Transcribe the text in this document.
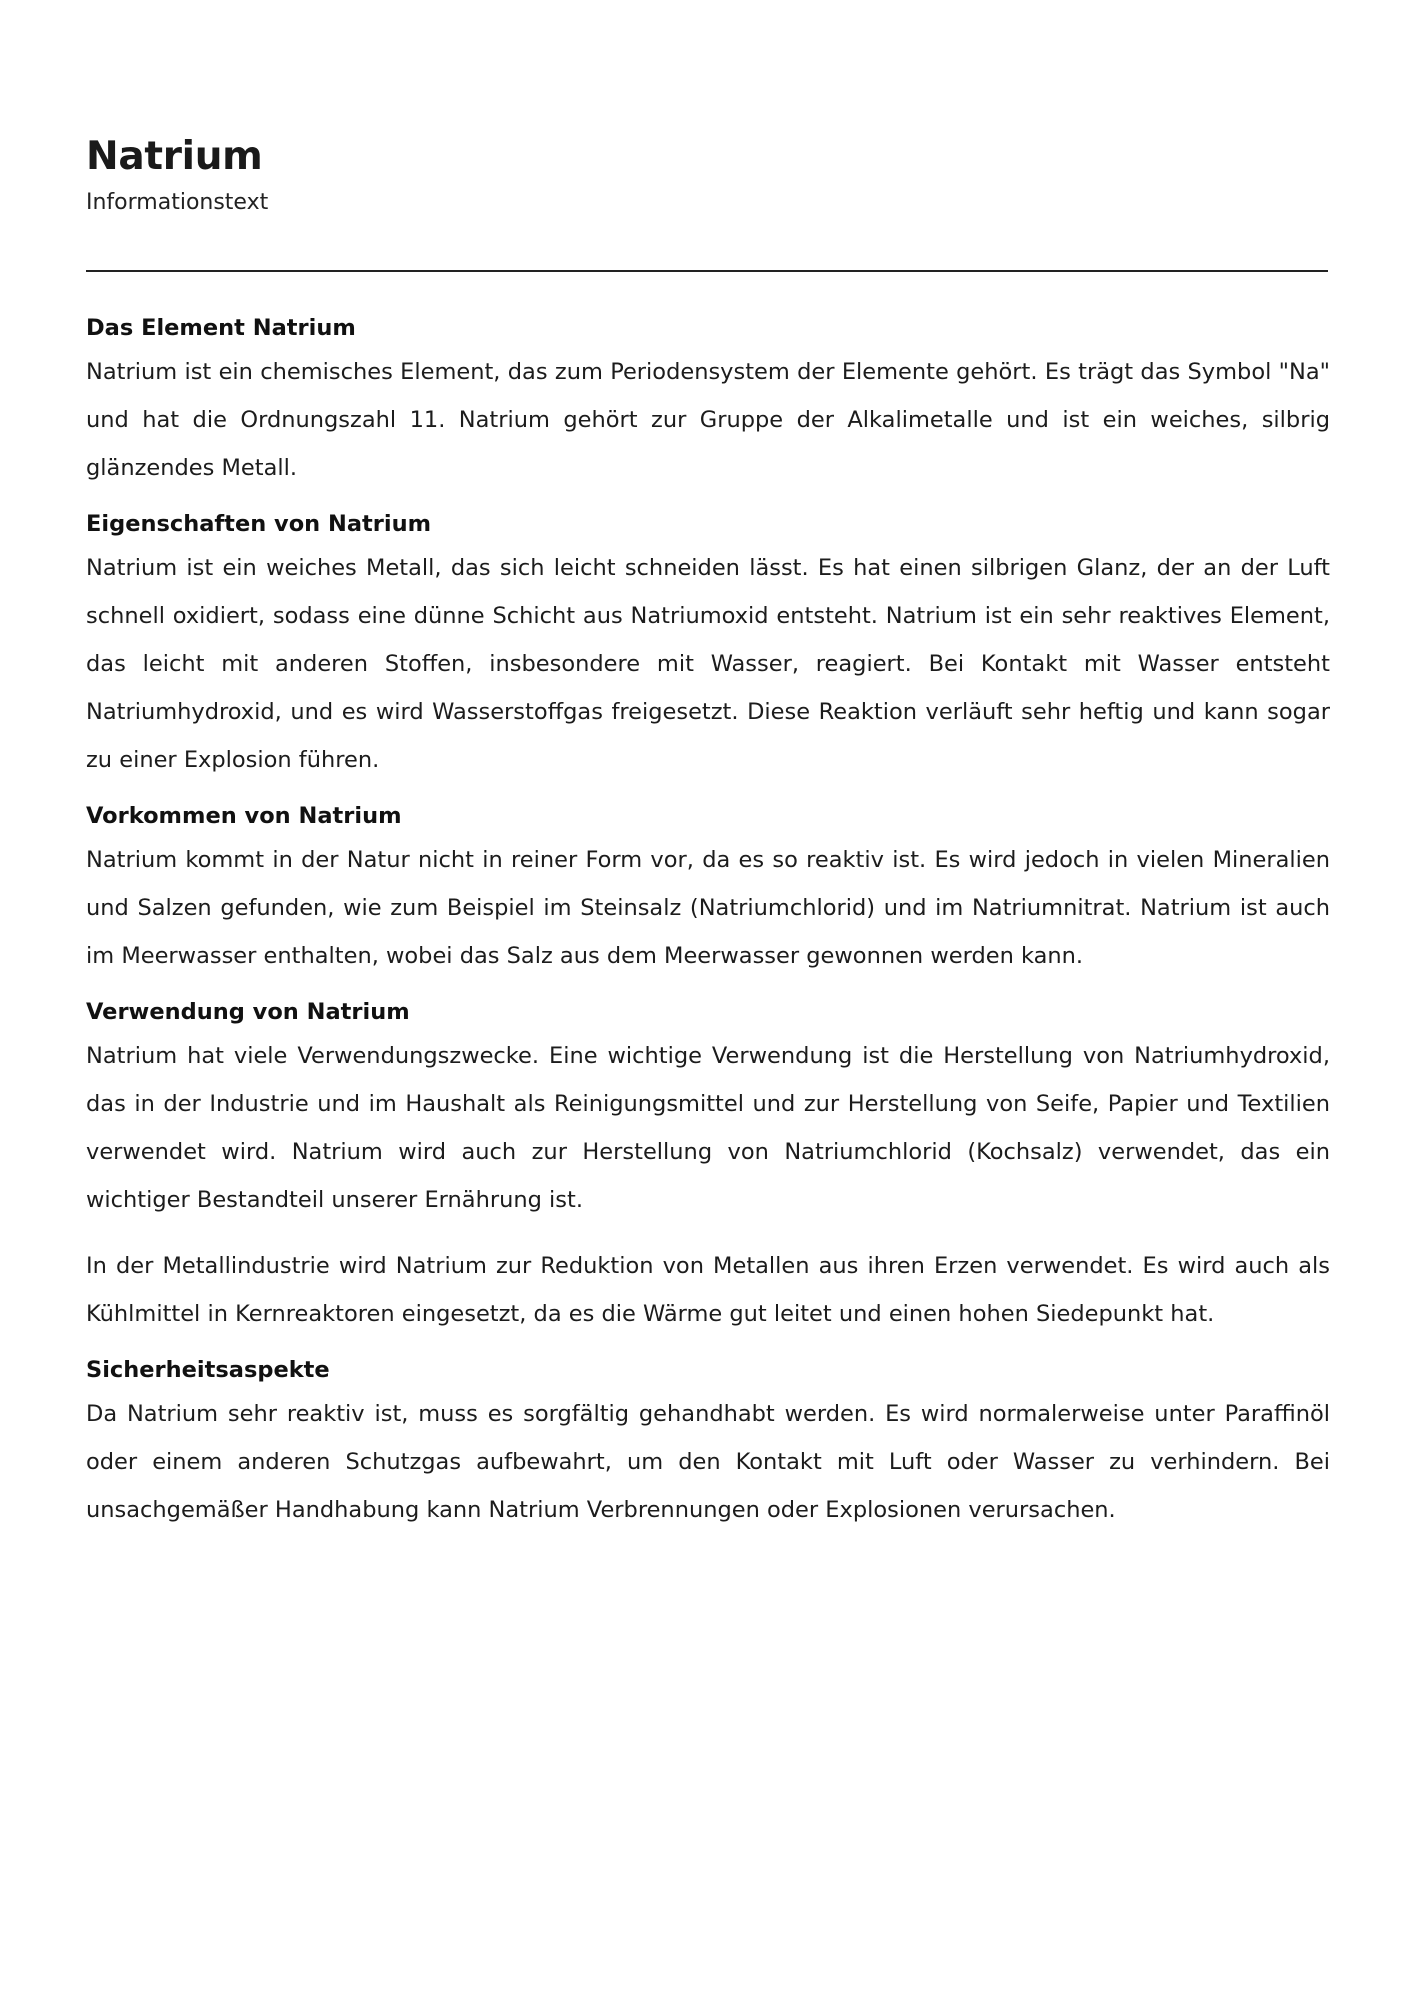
Natrium
Informationstext
Das Element Natrium

Natrium ist ein chemisches Element, das zum Periodensystem der Elemente gehört. Es trägt das Symbol "Na" und hat die Ordnungszahl 11. Natrium gehört zur Gruppe der Alkalimetalle und ist ein weiches, silbrig glänzendes Metall.

Eigenschaften von Natrium

Natrium ist ein weiches Metall, das sich leicht schneiden lässt. Es hat einen silbrigen Glanz, der an der Luft schnell oxidiert, sodass eine dünne Schicht aus Natriumoxid entsteht. Natrium ist ein sehr reaktives Element, das leicht mit anderen Stoffen, insbesondere mit Wasser, reagiert. Bei Kontakt mit Wasser entsteht Natriumhydroxid, und es wird Wasserstoffgas freigesetzt. Diese Reaktion verläuft sehr heftig und kann sogar zu einer Explosion führen.

Vorkommen von Natrium

Natrium kommt in der Natur nicht in reiner Form vor, da es so reaktiv ist. Es wird jedoch in vielen Mineralien und Salzen gefunden, wie zum Beispiel im Steinsalz (Natriumchlorid) und im Natriumnitrat. Natrium ist auch im Meerwasser enthalten, wobei das Salz aus dem Meerwasser gewonnen werden kann.

Verwendung von Natrium

Natrium hat viele Verwendungszwecke. Eine wichtige Verwendung ist die Herstellung von Natriumhydroxid, das in der Industrie und im Haushalt als Reinigungsmittel und zur Herstellung von Seife, Papier und Textilien verwendet wird. Natrium wird auch zur Herstellung von Natriumchlorid (Kochsalz) verwendet, das ein wichtiger Bestandteil unserer Ernährung ist.

In der Metallindustrie wird Natrium zur Reduktion von Metallen aus ihren Erzen verwendet. Es wird auch als Kühlmittel in Kernreaktoren eingesetzt, da es die Wärme gut leitet und einen hohen Siedepunkt hat.

Sicherheitsaspekte

Da Natrium sehr reaktiv ist, muss es sorgfältig gehandhabt werden. Es wird normalerweise unter Paraffinöl oder einem anderen Schutzgas aufbewahrt, um den Kontakt mit Luft oder Wasser zu verhindern. Bei unsachgemäßer Handhabung kann Natrium Verbrennungen oder Explosionen verursachen.
